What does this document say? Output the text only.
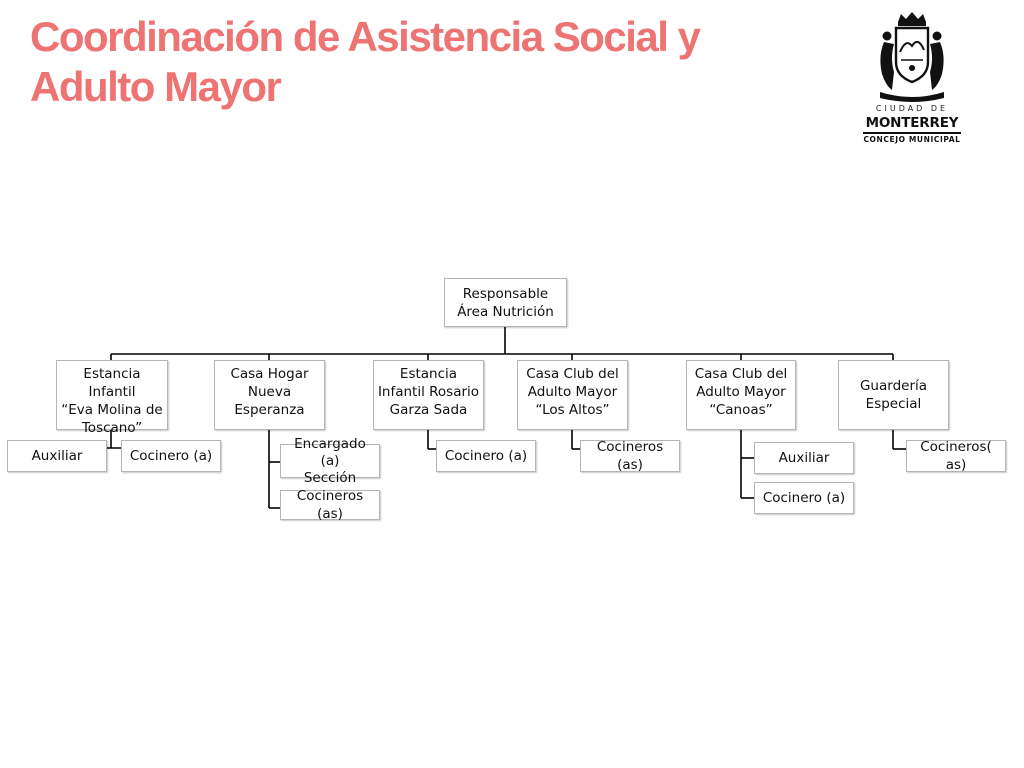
Coordinación de Asistencia Social y
Adulto Mayor	CIUDAD DE
MONTERREY
CONCEJO MUNICIPAL
Responsable
Área Nutrición
Estancia Infantil
“Eva Molina de
Toscano”
Casa Hogar
Nueva
Esperanza
Estancia
Infantil Rosario
Garza Sada
Casa Club del
Adulto Mayor
“Los Altos”
Casa Club del
Adulto Mayor
“Canoas”
Guardería
Especial
Auxiliar	Cocinero (a)
Encargado (a)
Sección
Cocineros (as)
Cocinero (a)
Cocineros (as)	Auxiliar
Cocinero (a)
Cocineros( as)
